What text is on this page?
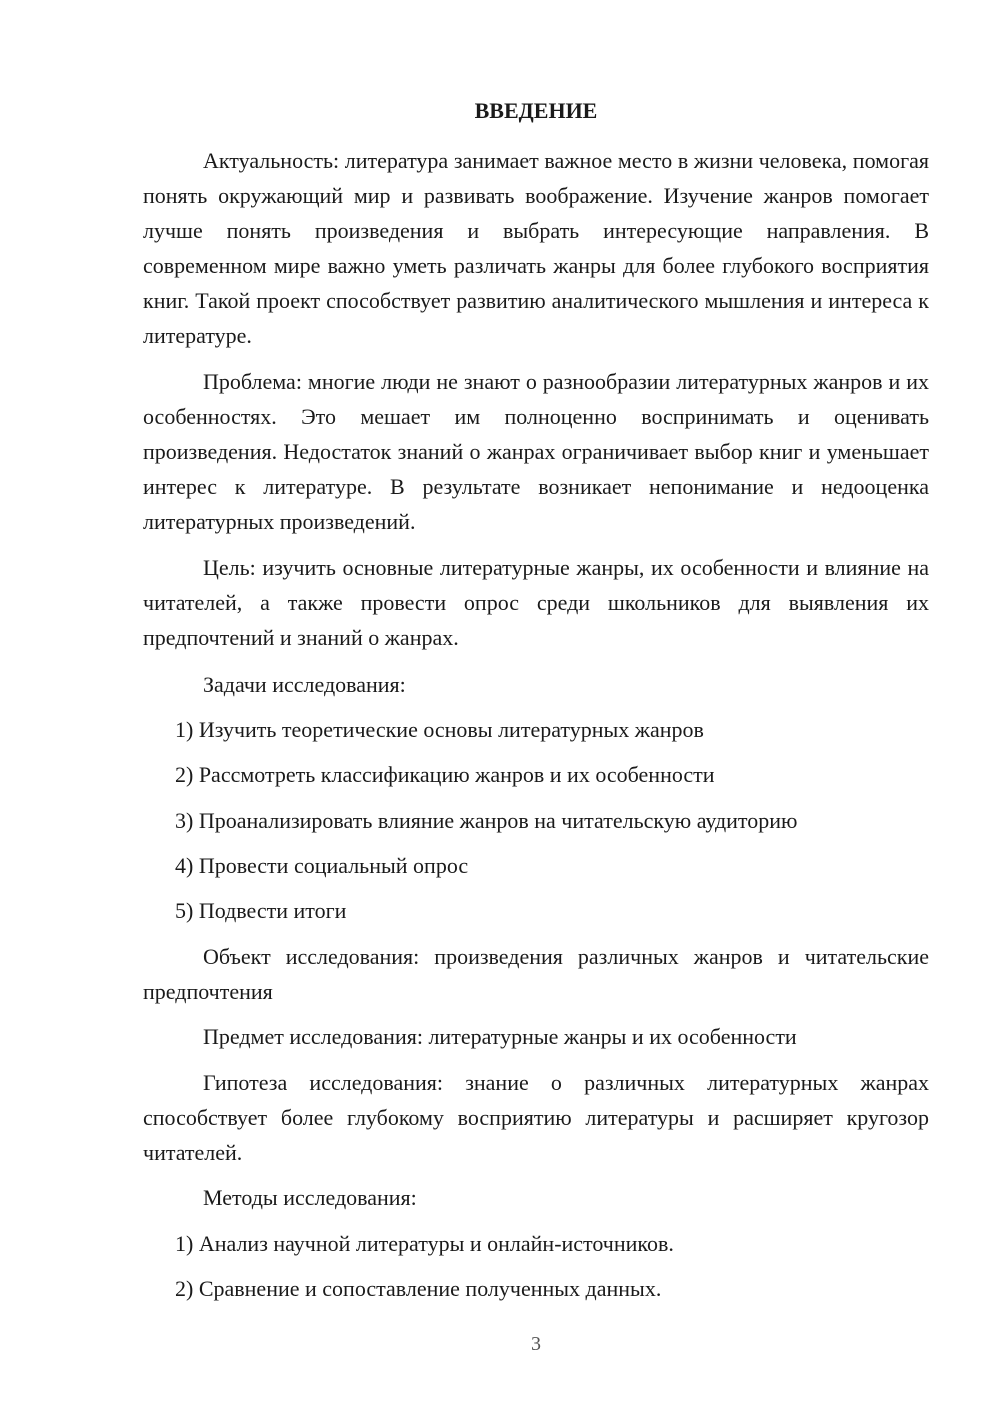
ВВЕДЕНИЕ

Актуальность: литература занимает важное место в жизни человека, помогая понять окружающий мир и развивать воображение. Изучение жанров помогает лучше понять произведения и выбрать интересующие направления. В современном мире важно уметь различать жанры для более глубокого восприятия книг. Такой проект способствует развитию аналитического мышления и интереса к литературе.

Проблема: многие люди не знают о разнообразии литературных жанров и их особенностях. Это мешает им полноценно воспринимать и оценивать произведения. Недостаток знаний о жанрах ограничивает выбор книг и уменьшает интерес к литературе. В результате возникает непонимание и недооценка литературных произведений.

Цель: изучить основные литературные жанры, их особенности и влияние на читателей, а также провести опрос среди школьников для выявления их предпочтений и знаний о жанрах.

Задачи исследования:

1) Изучить теоретические основы литературных жанров

2) Рассмотреть классификацию жанров и их особенности

3) Проанализировать влияние жанров на читательскую аудиторию

4) Провести социальный опрос

5) Подвести итоги

Объект исследования: произведения различных жанров и читательские предпочтения

Предмет исследования: литературные жанры и их особенности

Гипотеза исследования: знание о различных литературных жанрах способствует более глубокому восприятию литературы и расширяет кругозор читателей.

Методы исследования:

1) Анализ научной литературы и онлайн-источников.

2) Сравнение и сопоставление полученных данных.

3
